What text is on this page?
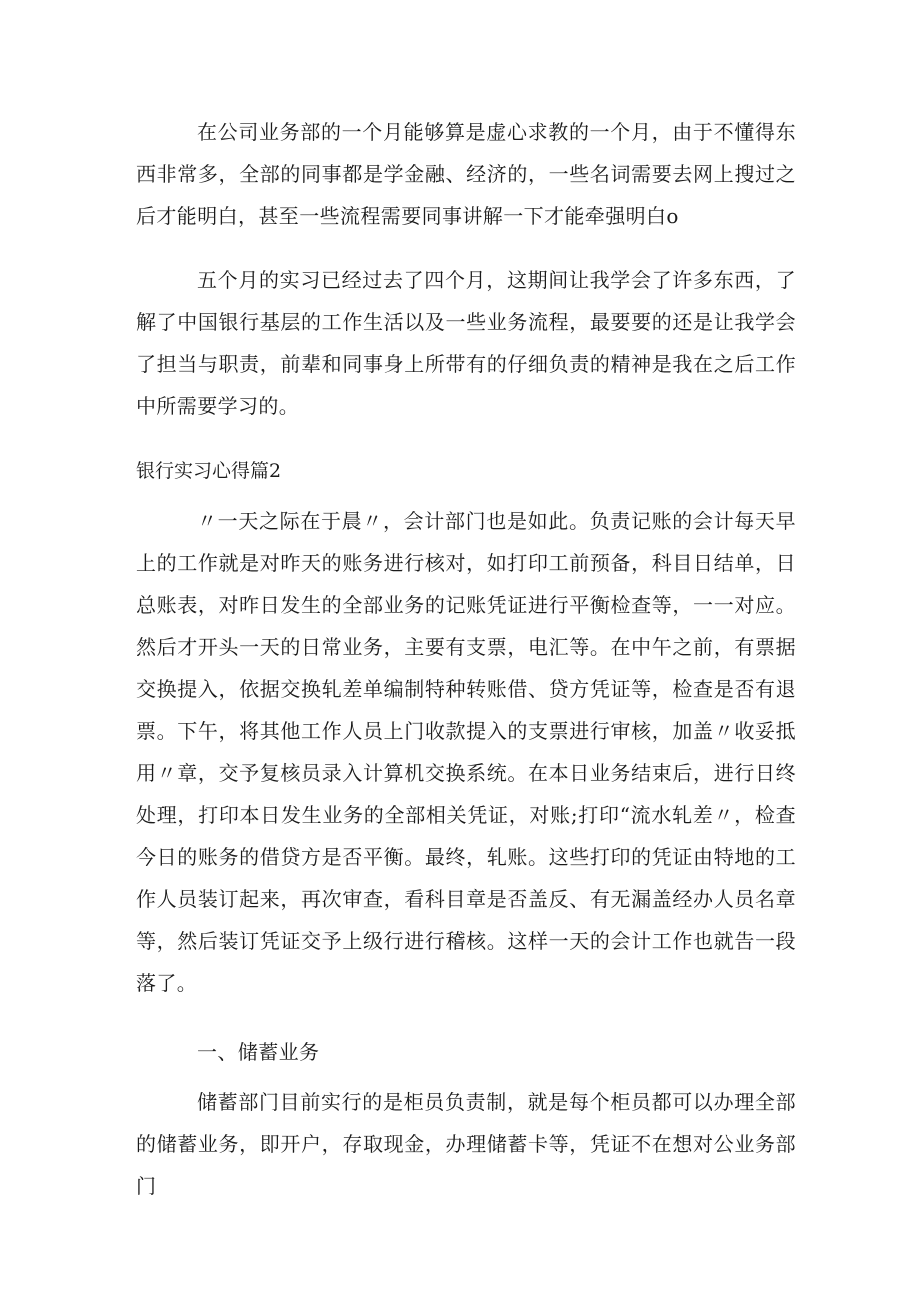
在公司业务部的一个月能够算是虚心求教的一个月，由于不懂得东西非常多，全部的同事都是学金融、经济的，一些名词需要去网上搜过之后才能明白，甚至一些流程需要同事讲解一下才能牵强明白o

五个月的实习已经过去了四个月，这期间让我学会了许多东西，了解了中国银行基层的工作生活以及一些业务流程，最要要的还是让我学会了担当与职责，前辈和同事身上所带有的仔细负责的精神是我在之后工作中所需要学习的。

银行实习心得篇2

〃一天之际在于晨〃，会计部门也是如此。负责记账的会计每天早上的工作就是对昨天的账务进行核对，如打印工前预备，科目日结单，日总账表，对昨日发生的全部业务的记账凭证进行平衡检查等，一一对应。然后才开头一天的日常业务，主要有支票，电汇等。在中午之前，有票据交换提入，依据交换轧差单编制特种转账借、贷方凭证等，检查是否有退票。下午，将其他工作人员上门收款提入的支票进行审核，加盖〃收妥抵用〃章，交予复核员录入计算机交换系统。在本日业务结束后，进行日终处理，打印本日发生业务的全部相关凭证，对账;打印“流水轧差〃，检查今日的账务的借贷方是否平衡。最终，轧账。这些打印的凭证由特地的工作人员装订起来，再次审查，看科目章是否盖反、有无漏盖经办人员名章等，然后装订凭证交予上级行进行稽核。这样一天的会计工作也就告一段落了。

一、储蓄业务

储蓄部门目前实行的是柜员负责制，就是每个柜员都可以办理全部的储蓄业务，即开户，存取现金，办理储蓄卡等，凭证不在想对公业务部门
